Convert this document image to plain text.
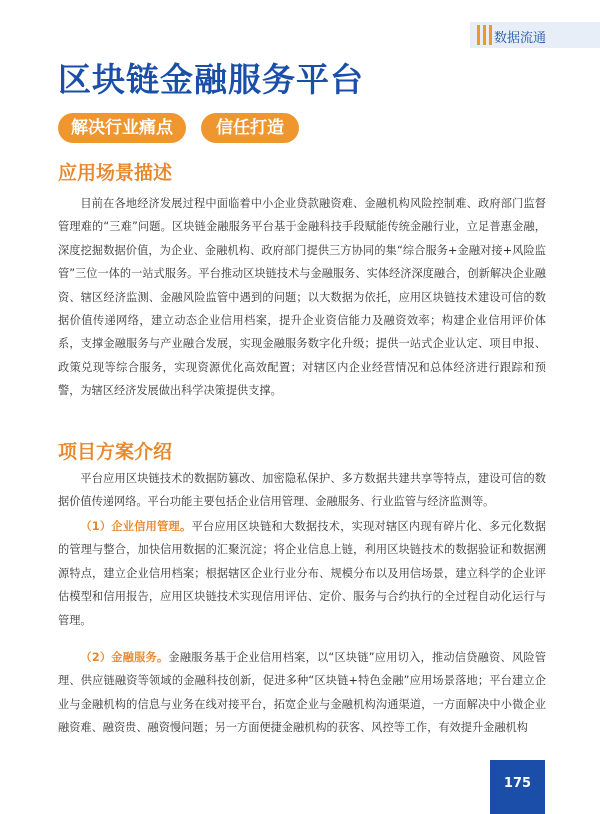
数据流通
区块链金融服务平台
解决行业痛点	信任打造
应用场景描述

目前在各地经济发展过程中面临着中小企业贷款融资难、金融机构风险控制难、政府部门监督管理难的“三难”问题。区块链金融服务平台基于金融科技手段赋能传统金融行业，立足普惠金融，深度挖掘数据价值，为企业、金融机构、政府部门提供三方协同的集“综合服务+金融对接+风险监管”三位一体的一站式服务。平台推动区块链技术与金融服务、实体经济深度融合，创新解决企业融资、辖区经济监测、金融风险监管中遇到的问题；以大数据为依托，应用区块链技术建设可信的数据价值传递网络，建立动态企业信用档案，提升企业资信能力及融资效率；构建企业信用评价体系，支撑金融服务与产业融合发展，实现金融服务数字化升级；提供一站式企业认定、项目申报、政策兑现等综合服务，实现资源优化高效配置；对辖区内企业经营情况和总体经济进行跟踪和预警，为辖区经济发展做出科学决策提供支撑。

项目方案介绍

平台应用区块链技术的数据防篡改、加密隐私保护、多方数据共建共享等特点，建设可信的数据价值传递网络。平台功能主要包括企业信用管理、金融服务、行业监管与经济监测等。

（1）企业信用管理。平台应用区块链和大数据技术，实现对辖区内现有碎片化、多元化数据的管理与整合，加快信用数据的汇聚沉淀；将企业信息上链，利用区块链技术的数据验证和数据溯源特点，建立企业信用档案；根据辖区企业行业分布、规模分布以及用信场景，建立科学的企业评估模型和信用报告，应用区块链技术实现信用评估、定价、服务与合约执行的全过程自动化运行与管理。

（2）金融服务。金融服务基于企业信用档案，以“区块链”应用切入，推动信贷融资、风险管理、供应链融资等领域的金融科技创新，促进多种“区块链+特色金融”应用场景落地；平台建立企业与金融机构的信息与业务在线对接平台，拓宽企业与金融机构沟通渠道，一方面解决中小微企业融资难、融资贵、融资慢问题；另一方面便捷金融机构的获客、风控等工作，有效提升金融机构

175
